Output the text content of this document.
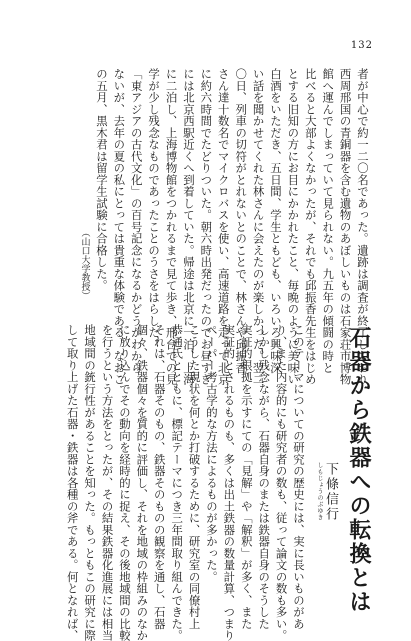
132

者が中心で約一二〇名であった。遺跡は調査が終了しており、

西周邢国の青銅器を含む遺物のあぼしいものは石家荘市博物

館へ運んでしまっていて見られない。九五年の傾闘の時と

比べると大部よくなかったが、それでも邱振香先生をはじめ

とする旧知の方にお目にかかれたこと、毎晩のように美味い

白酒をいただき、五日間、学生ともども、いろいろ興味深

い話を聞かせてくれた林さんに会えたのが楽しかった。翌二

〇日、列車の切符がとれないとのことで、林さんや邱振香

さん達十数名でマイクロバスを使い、高速道路を走って北京

に約六時間でたどりついた。朝六時出発だったのでお昼すぎ

には北京西駅近くへ到着していた。帰途は北京に一泊、上海

に二泊し、上海博物館をつかれるまで見て歩き、邢台での見

学が少し残念なものであったことのうさをはらした。

「東アジアの古代文化」の百号記念になるかどうかわから

ないが、去年の夏の私にとっては貴重な体験である。なおこ

の五月、黒木君は留学生試験に合格した。

（山口大学教授）

石器から鉄器への転換とは
しもじょうのぶゆき 下條信行

このテーマについての研究の歴史には、実に長いものがあ

り、また内容的にも研究者の数も、従って論文の数も多い。

しかし残念ながら、石器自身のまたは鉄器自身のそうした

実証的根拠を示すにての「見解」や「解釈」が多く、また

実証的とされるものも、多くは出土鉄器の数量計算、つまり

ペーパー考古学的な方法によるものが多かった。

こうした現状を何とか打破するために、研究室の同僚村上

恭通氏とともに、標記テーマにつき三年間取り組んできた。

それは、石器そのもの、鉄器そのものの観察を通し、石器

個々、鉄器個々を質的に評価し、それを地域の枠組みのなか

に放り込んでその動向を経時的に捉え、その後地域間の比較

を行うという方法をとったが、その結果鉄器化進展には相当

地域間の銃行性があることを知った。もっともこの研究に際

して取り上げた石器・鉄器は各種の斧である。何となれば、
